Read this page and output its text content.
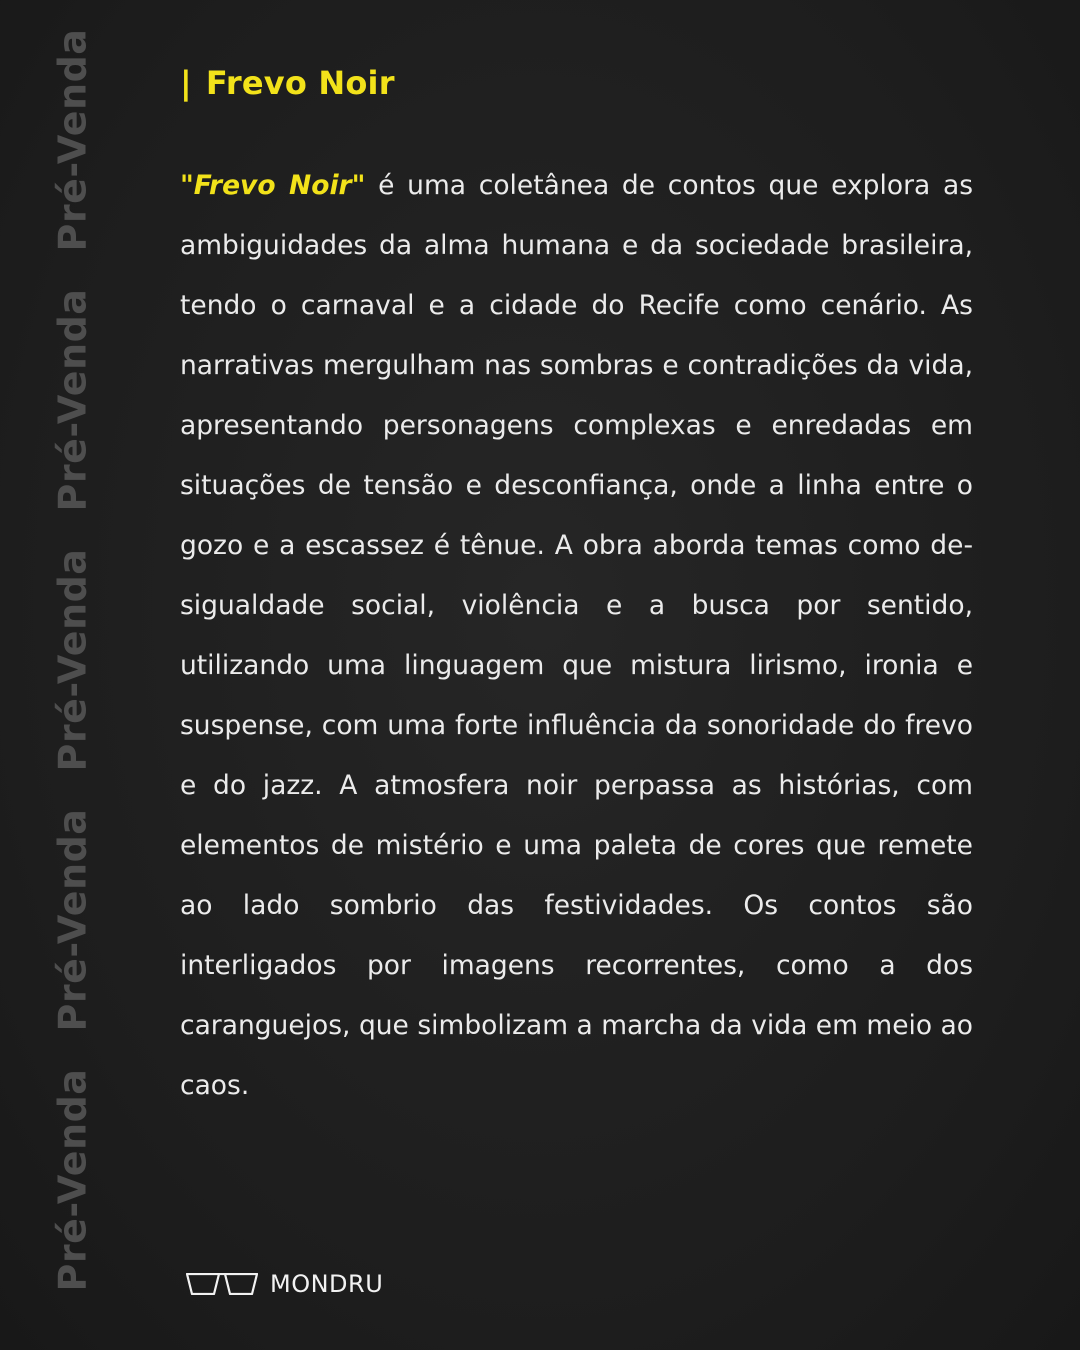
Pré-Venda
Pré-Venda
Pré-Venda
Pré-Venda
Pré-Venda
| Frevo Noir

"Frevo Noir" é uma coletânea de contos que explora as ambiguidades da alma humana e da sociedade brasileira, tendo o carnaval e a cidade do Recife como cenário. As narrativas mergulham nas sombras e contradições da vida, apresentando personagens complexas e enredadas em situações de tensão e desconfiança, onde a linha entre o gozo e a escassez é tênue. A obra aborda temas como desigualdade social, violência e a busca por sentido, utilizando uma linguagem que mistura lirismo, ironia e suspense, com uma forte influência da sonoridade do frevo e do jazz. A atmosfera noir perpassa as histórias, com elementos de mistério e uma paleta de cores que remete ao lado sombrio das festividades. Os contos são interligados por imagens recorrentes, como a dos caranguejos, que simbolizam a marcha da vida em meio ao caos.

MONDRU
